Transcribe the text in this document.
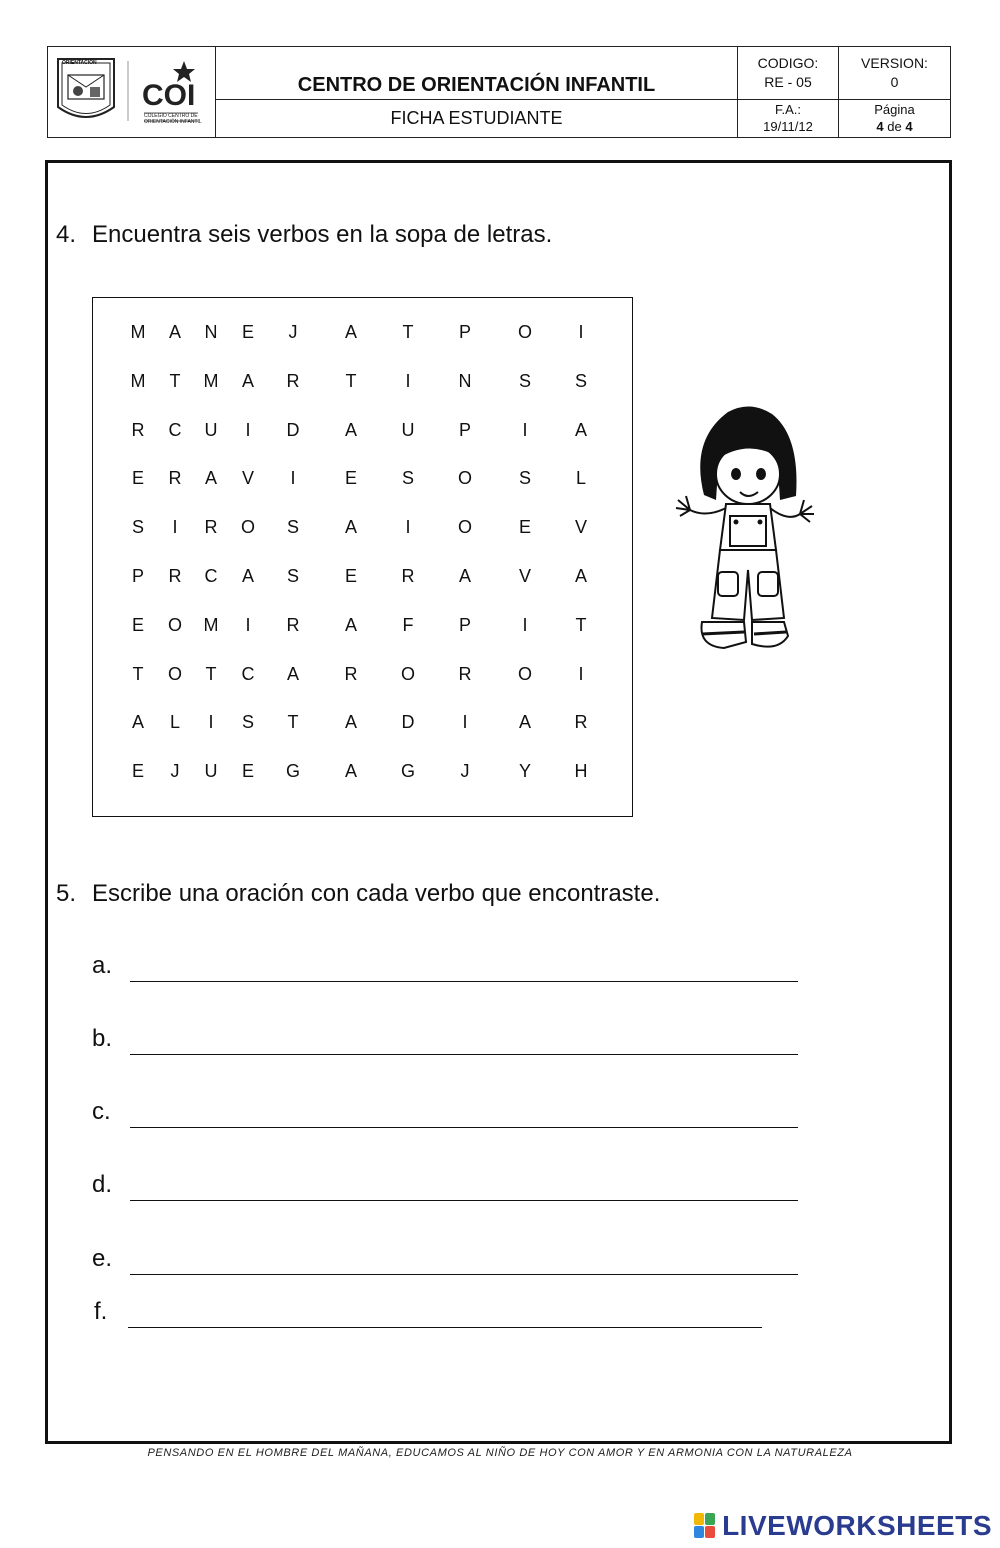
COI
ORIENTACIÓN
COLEGIO CENTRO DE
ORIENTACIÓN INFANTIL
CENTRO DE ORIENTACIÓN INFANTIL
FICHA ESTUDIANTE
CODIGO:
RE - 05
VERSION:
0
F.A.:
19/11/12
Página
4 de 4
4. Encuentra seis verbos en la sopa de letras.
M	A	N	E	J	A	T	P	O	I
M	T	M	A	R	T	I	N	S	S
R	C	U	I	D	A	U	P	I	A
E	R	A	V	I	E	S	O	S	L
S	I	R	O	S	A	I	O	E	V
P	R	C	A	S	E	R	A	V	A
E	O	M	I	R	A	F	P	I	T
T	O	T	C	A	R	O	R	O	I
A	L	I	S	T	A	D	I	A	R
E	J	U	E	G	A	G	J	Y	H
5. Escribe una oración con cada verbo que encontraste.
a.
b.
c.
d.
e.
f.
PENSANDO EN EL HOMBRE DEL MAÑANA, EDUCAMOS AL NIÑO DE HOY CON AMOR Y EN ARMONIA CON LA NATURALEZA
LIVEWORKSHEETS
